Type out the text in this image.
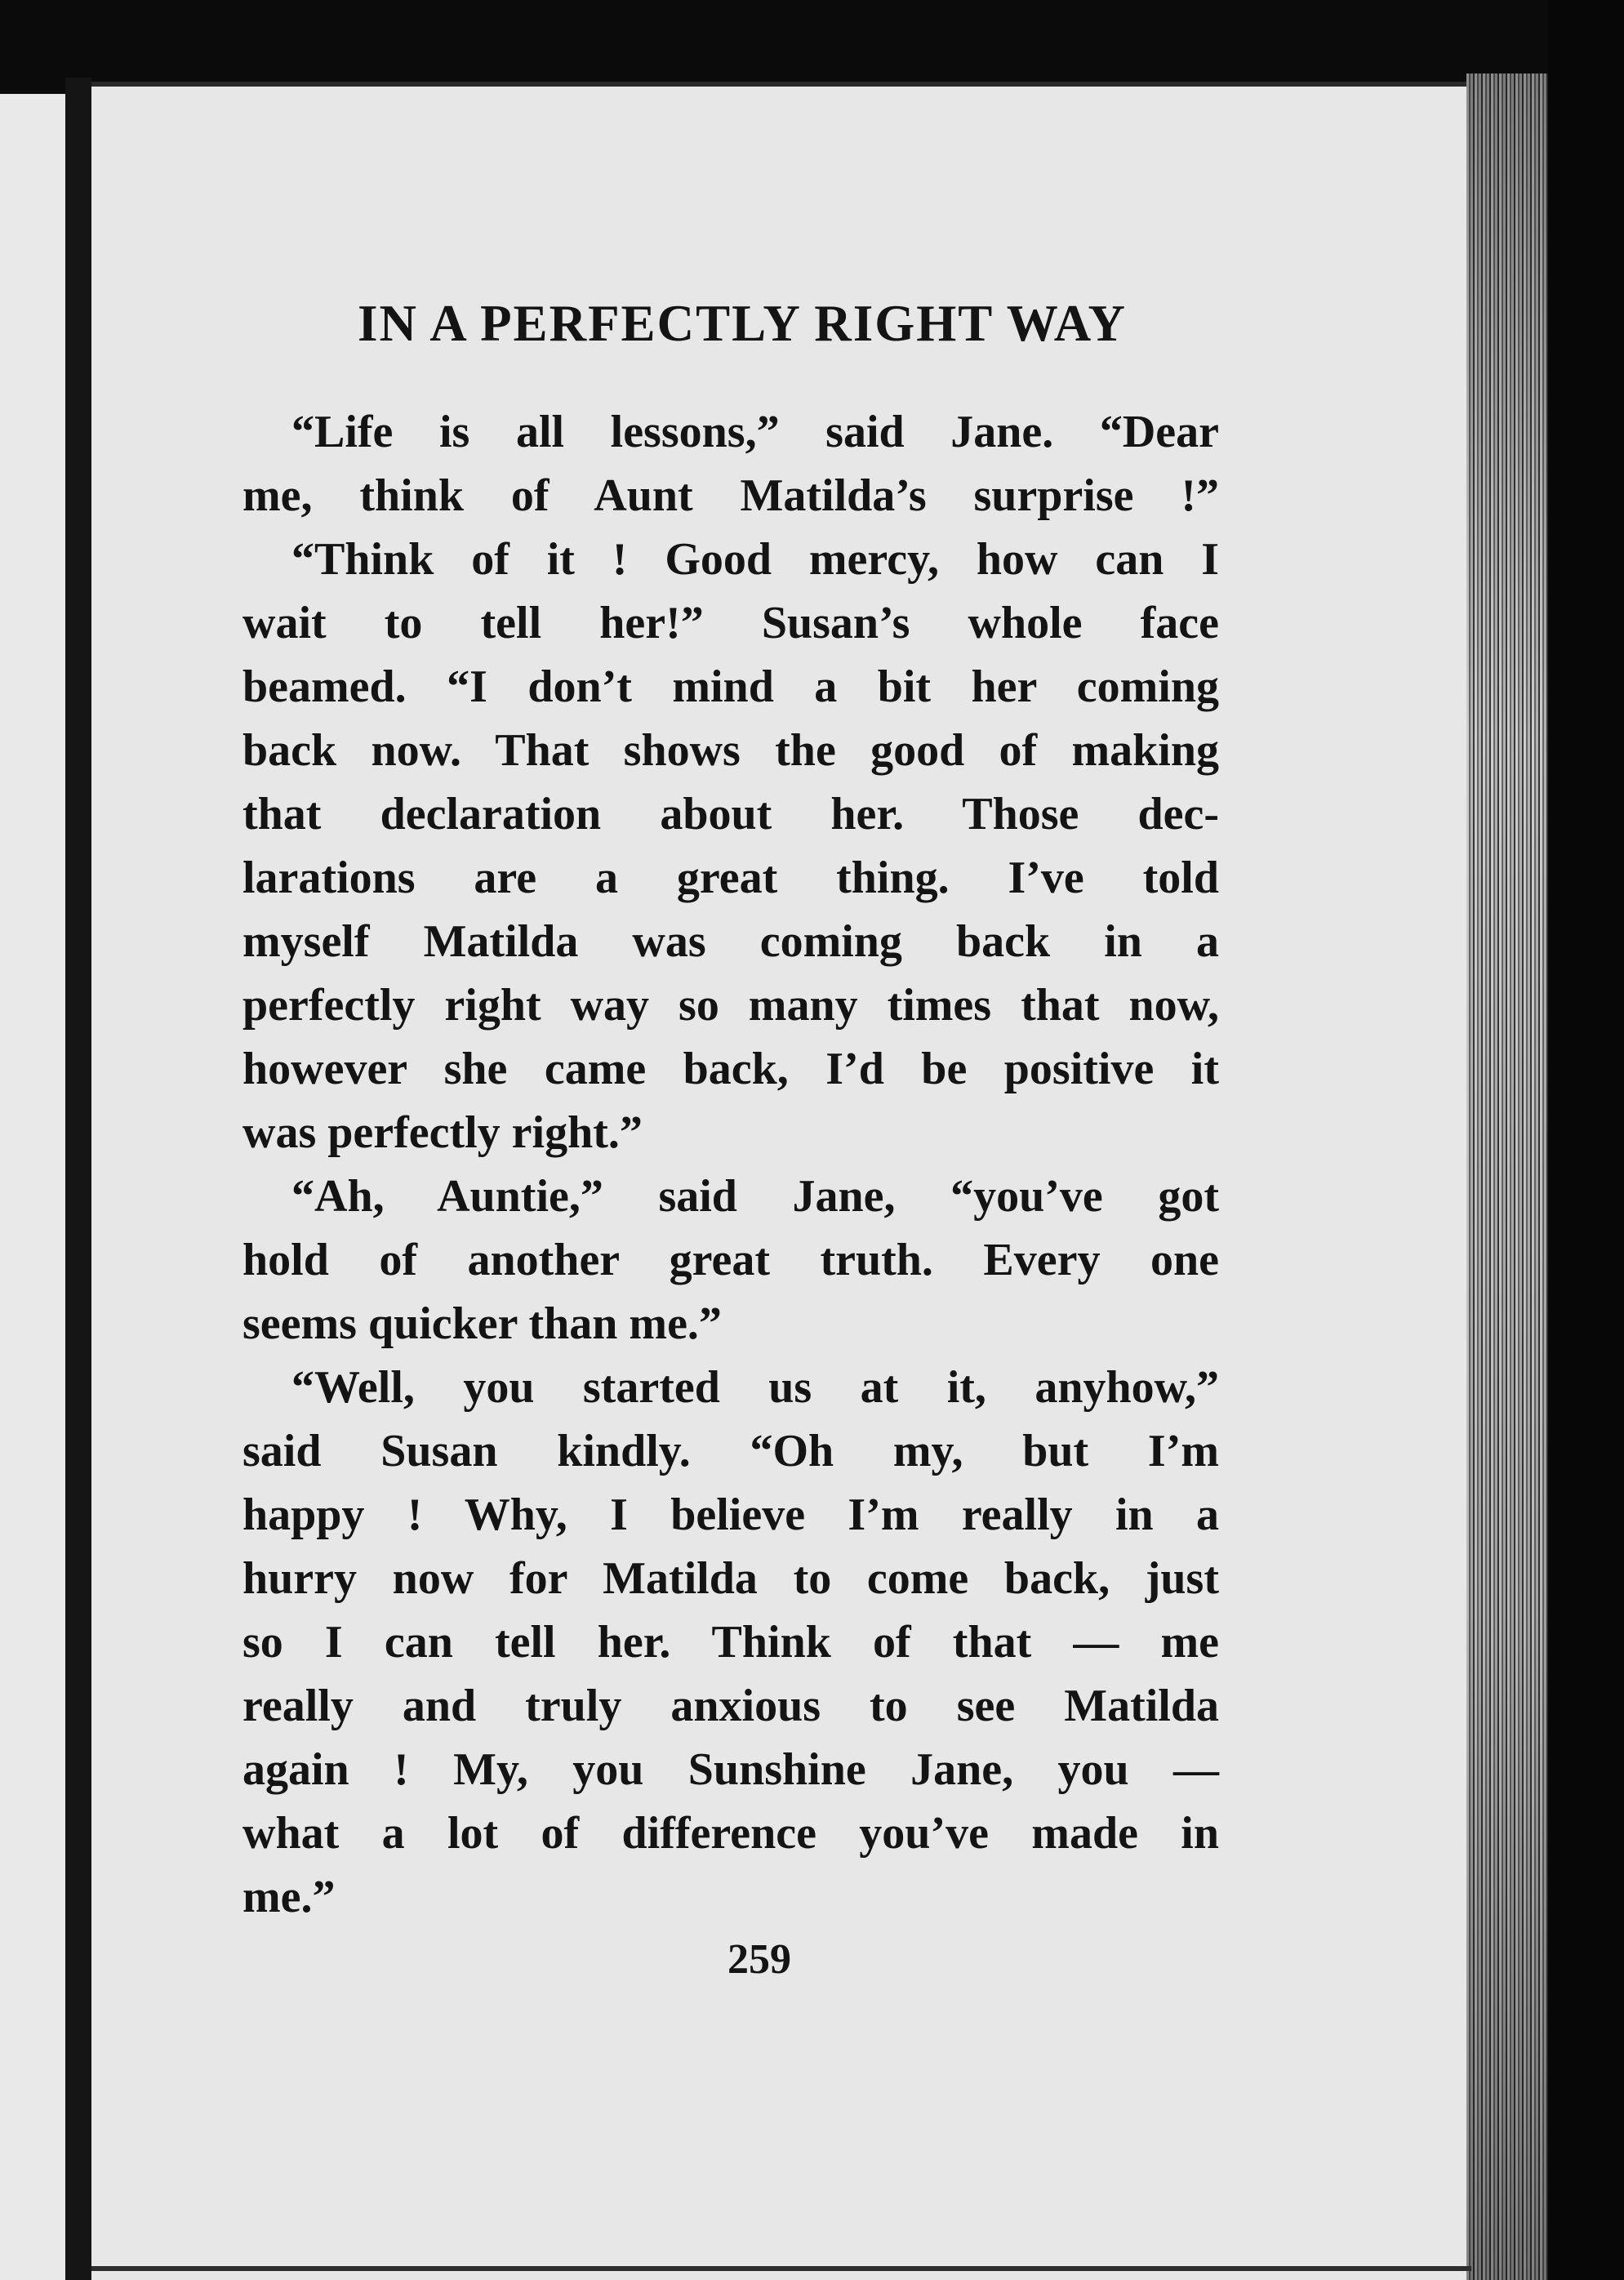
IN A PERFECTLY RIGHT WAY
“Life is all lessons,” said Jane. “Dear
me, think of Aunt Matilda’s surprise !”
“Think of it ! Good mercy, how can I
wait to tell her!” Susan’s whole face
beamed. “I don’t mind a bit her coming
back now. That shows the good of making
that declaration about her. Those dec-
larations are a great thing. I’ve told
myself Matilda was coming back in a
perfectly right way so many times that now,
however she came back, I’d be positive it
was perfectly right.”
“Ah, Auntie,” said Jane, “you’ve got
hold of another great truth. Every one
seems quicker than me.”
“Well, you started us at it, anyhow,”
said Susan kindly. “Oh my, but I’m
happy ! Why, I believe I’m really in a
hurry now for Matilda to come back, just
so I can tell her. Think of that — me
really and truly anxious to see Matilda
again ! My, you Sunshine Jane, you —
what a lot of difference you’ve made in
me.”
259
